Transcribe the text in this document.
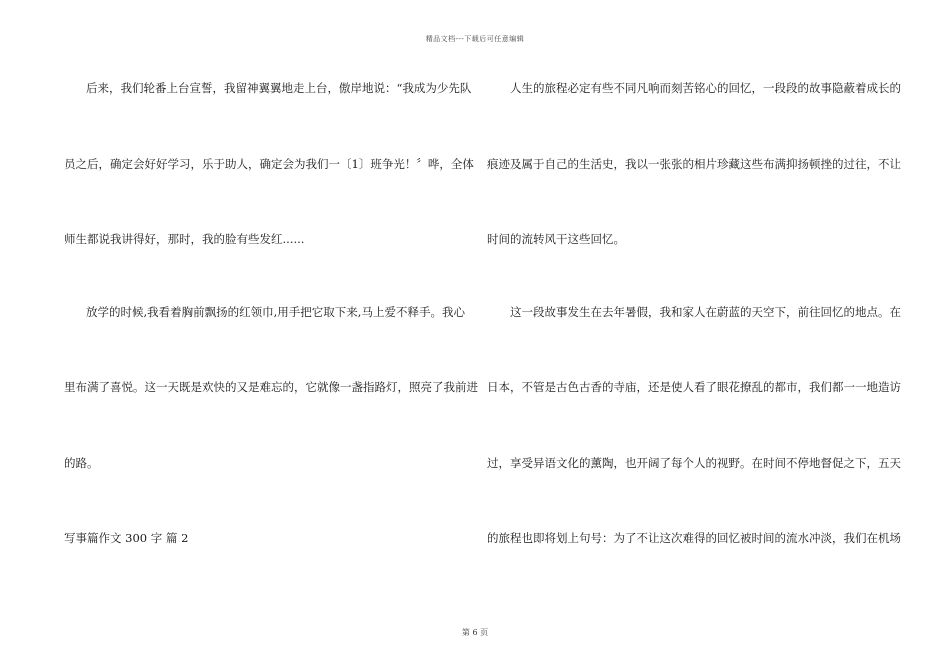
精品文档---下载后可任意编辑
后来，我们轮番上台宣誓，我留神翼翼地走上台，傲岸地说：“我成为少先队
员之后，确定会好好学习，乐于助人，确定会为我们一〔1〕班争光！〞哗，全体
师生都说我讲得好，那时，我的脸有些发红......
放学的时候,我看着胸前飘扬的红领巾,用手把它取下来,马上爱不释手。我心
里布满了喜悦。这一天既是欢快的又是难忘的，它就像一盏指路灯，照亮了我前进
的路。
写事篇作文 300 字 篇 2
人生的旅程必定有些不同凡响而刻苦铭心的回忆，一段段的故事隐蔽着成长的
痕迹及属于自己的生活史，我以一张张的相片珍藏这些布满抑扬顿挫的过往，不让
时间的流转风干这些回忆。
这一段故事发生在去年暑假，我和家人在蔚蓝的天空下，前往回忆的地点。在
日本，不管是古色古香的寺庙，还是使人看了眼花撩乱的都市，我们都一一地造访
过，享受异语文化的薰陶，也开阔了每个人的视野。在时间不停地督促之下，五天
的旅程也即将划上句号：为了不让这次难得的回忆被时间的流水冲淡，我们在机场
第 6 页
